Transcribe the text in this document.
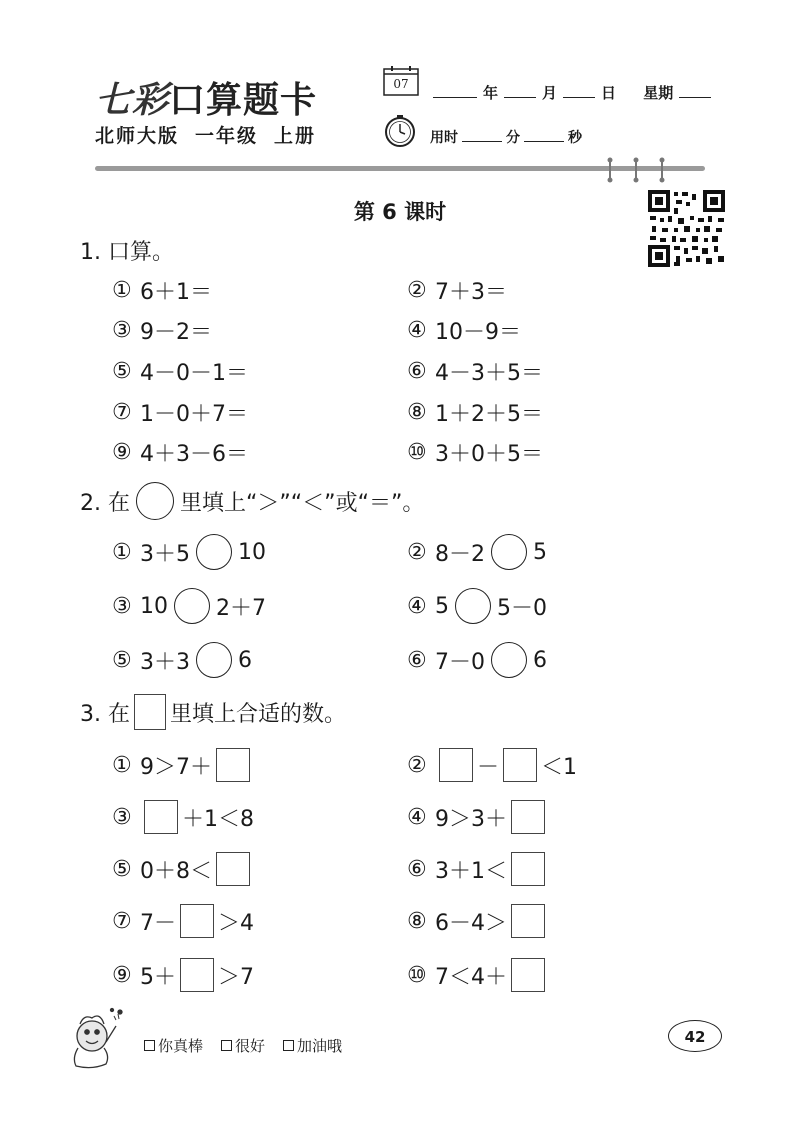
七彩口算题卡	07	年	月	日 星期
北师大版 一年级 上册	用时	分	秒
第 6 课时
1. 口算。
① 6＋1＝	② 7＋3＝
③ 9－2＝	④ 10－9＝
⑤ 4－0－1＝	⑥ 4－3＋5＝
⑦ 1－0＋7＝	⑧ 1＋2＋5＝
⑨ 4＋3－6＝	⑩ 3＋0＋5＝
2. 在 里填上“＞”“＜”或“＝”。
① 3＋5 10	② 8－2 5
③ 10 2＋7	④ 5 5－0
⑤ 3＋3 6	⑥ 7－0 6
3. 在 里填上合适的数。
① 9＞7＋	②	－ ＜1
③	＋1＜8	④ 9＞3＋
⑤ 0＋8＜	⑥ 3＋1＜
⑦ 7－ ＞4	⑧ 6－4＞
⑨ 5＋ ＞7	⑩ 7＜4＋
你真棒 很好 加油哦	42
